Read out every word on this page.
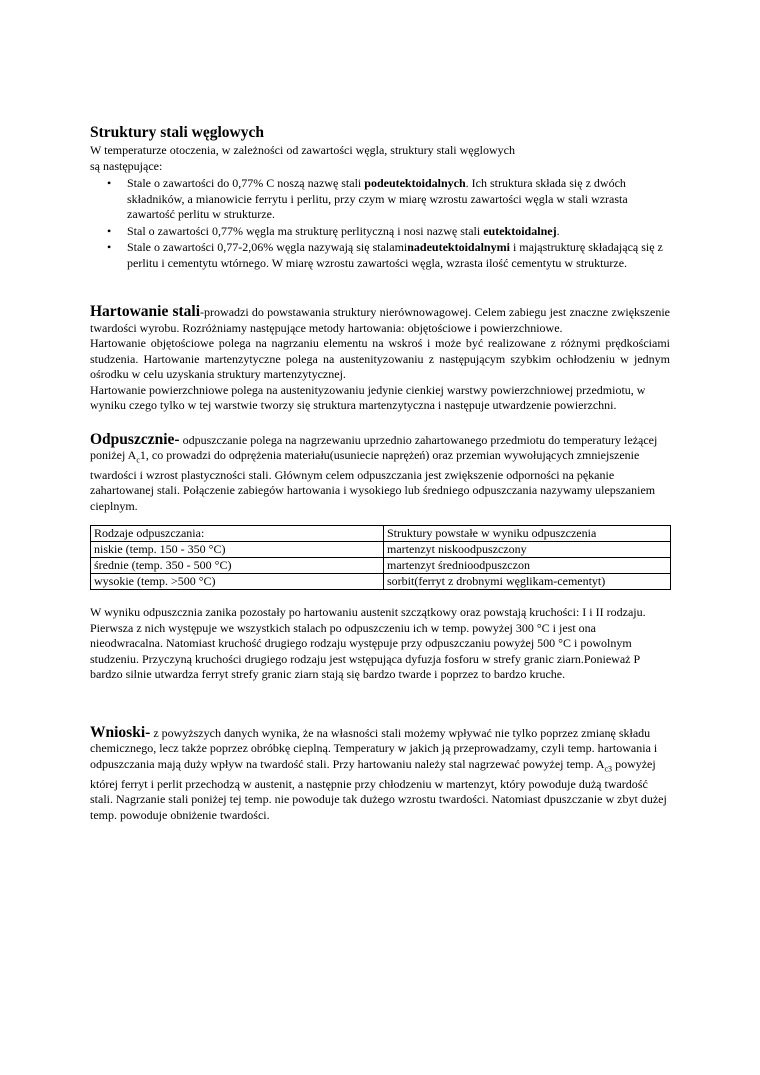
Struktury stali węglowych

W temperaturze otoczenia, w zależności od zawartości węgla, struktury stali węglowych

są następujące:

• Stale o zawartości do 0,77% C noszą nazwę stali podeutektoidalnych. Ich struktura składa się z dwóch składników, a mianowicie ferrytu i perlitu, przy czym w miarę wzrostu zawartości węgla w stali wzrasta zawartość perlitu w strukturze.
• Stal o zawartości 0,77% węgla ma strukturę perlityczną i nosi nazwę stali eutektoidalnej.
• Stale o zawartości 0,77-2,06% węgla nazywają się stalaminadeutektoidalnymi i mająstrukturę składającą się z perlitu i cementytu wtórnego. W miarę wzrostu zawartości węgla, wzrasta ilość cementytu w strukturze.

Hartowanie stali-prowadzi do powstawania struktury nierównowagowej. Celem zabiegu jest znaczne zwiększenie twardości wyrobu. Rozróżniamy następujące metody hartowania: objętościowe i powierzchniowe.

Hartowanie objętościowe polega na nagrzaniu elementu na wskroś i może być realizowane z różnymi prędkościami studzenia. Hartowanie martenzytyczne polega na austenityzowaniu z następującym szybkim ochłodzeniu w jednym ośrodku w celu uzyskania struktury martenzytycznej.

Hartowanie powierzchniowe polega na austenityzowaniu jedynie cienkiej warstwy powierzchniowej przedmiotu, w wyniku czego tylko w tej warstwie tworzy się struktura martenzytyczna i następuje utwardzenie powierzchni.

Odpuszcznie- odpuszczanie polega na nagrzewaniu uprzednio zahartowanego przedmiotu do temperatury leżącej poniżej $A_c1$, co prowadzi do odprężenia materiału(usuniecie naprężeń) oraz przemian wywołujących zmniejszenie twardości i wzrost plastyczności stali. Głównym celem odpuszczania jest zwiększenie odporności na pękanie zahartowanej stali. Połączenie zabiegów hartowania i wysokiego lub średniego odpuszczania nazywamy ulepszaniem cieplnym.

Rodzaje odpuszczania:	Struktury powstałe w wyniku odpuszczenia
niskie (temp. 150 - 350 °C)	martenzyt niskoodpuszczony
średnie (temp. 350 - 500 °C)	martenzyt średnioodpuszczon
wysokie (temp. >500 °C)	sorbit(ferryt z drobnymi węglikam-cementyt)

W wyniku odpuszcznia zanika pozostały po hartowaniu austenit szczątkowy oraz powstają kruchości: I i II rodzaju. Pierwsza z nich występuje we wszystkich stalach po odpuszczeniu ich w temp. powyżej 300 °C i jest ona nieodwracalna. Natomiast kruchość drugiego rodzaju występuje przy odpuszczaniu powyżej 500 °C i powolnym studzeniu. Przyczyną kruchości drugiego rodzaju jest wstępująca dyfuzja fosforu w strefy granic ziarn.Ponieważ P bardzo silnie utwardza ferryt strefy granic ziarn stają się bardzo twarde i poprzez to bardzo kruche.

Wnioski- z powyższych danych wynika, że na własności stali możemy wpływać nie tylko poprzez zmianę składu chemicznego, lecz także poprzez obróbkę cieplną. Temperatury w jakich ją przeprowadzamy, czyli temp. hartowania i odpuszczania mają duży wpływ na twardość stali. Przy hartowaniu należy stal nagrzewać powyżej temp. $A_{c3}$ powyżej której ferryt i perlit przechodzą w austenit, a następnie przy chłodzeniu w martenzyt, który powoduje dużą twardość stali. Nagrzanie stali poniżej tej temp. nie powoduje tak dużego wzrostu twardości. Natomiast dpuszczanie w zbyt dużej temp. powoduje obniżenie twardości.
